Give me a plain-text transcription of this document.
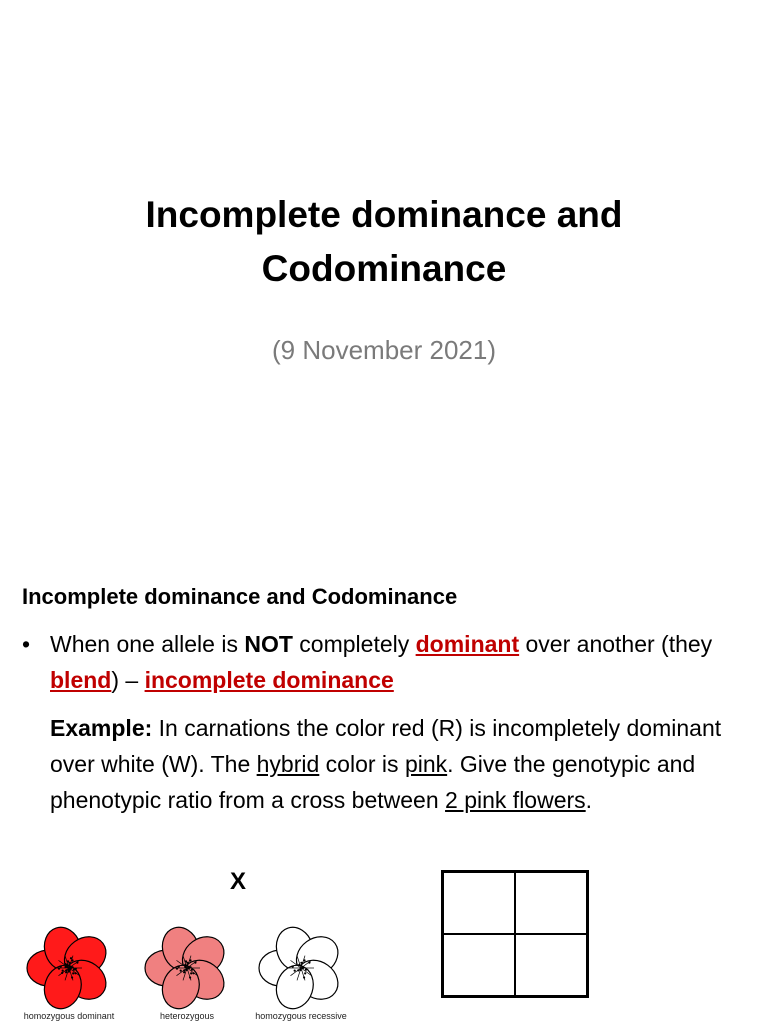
Incomplete dominance and Codominance

(9 November 2021)

Incomplete dominance and Codominance
• When one allele is NOT completely dominant over another (they blend) – incomplete dominance
Example: In carnations the color red (R) is incompletely dominant over white (W). The hybrid color is pink. Give the genotypic and phenotypic ratio from a cross between 2 pink flowers.
X
homozygous dominant	heterozygous	homozygous recessive
